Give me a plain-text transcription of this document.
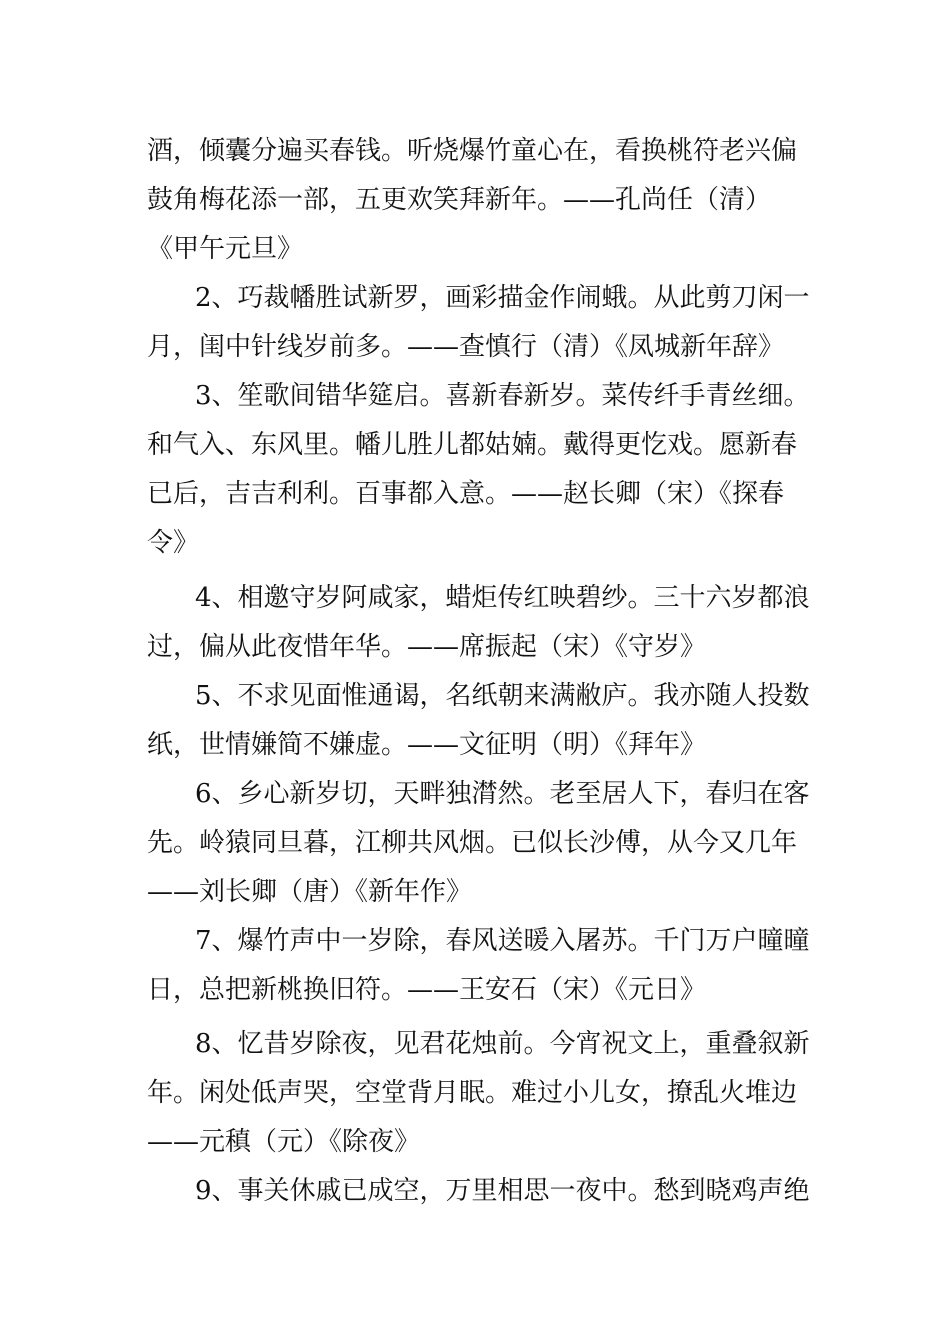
酒，倾囊分遍买春钱。听烧爆竹童心在，看换桃符老兴偏
鼓角梅花添一部，五更欢笑拜新年。——孔尚任（清）
《甲午元旦》
2、巧裁幡胜试新罗，画彩描金作闹蛾。从此剪刀闲一
月，闺中针线岁前多。——查慎行（清）《凤城新年辞》
3、笙歌间错华筵启。喜新春新岁。菜传纤手青丝细。
和气入、东风里。幡儿胜儿都姑婻。戴得更忔戏。愿新春
已后，吉吉利利。百事都入意。——赵长卿（宋）《探春
令》
4、相邀守岁阿咸家，蜡炬传红映碧纱。三十六岁都浪
过，偏从此夜惜年华。——席振起（宋）《守岁》
5、不求见面惟通谒，名纸朝来满敝庐。我亦随人投数
纸，世情嫌简不嫌虚。——文征明（明）《拜年》
6、乡心新岁切，天畔独潸然。老至居人下，春归在客
先。岭猿同旦暮，江柳共风烟。已似长沙傅，从今又几年
——刘长卿（唐）《新年作》
7、爆竹声中一岁除，春风送暖入屠苏。千门万户曈曈
日，总把新桃换旧符。——王安石（宋）《元日》
8、忆昔岁除夜，见君花烛前。今宵祝文上，重叠叙新
年。闲处低声哭，空堂背月眠。难过小儿女，撩乱火堆边
——元稹（元）《除夜》
9、事关休戚已成空，万里相思一夜中。愁到晓鸡声绝
